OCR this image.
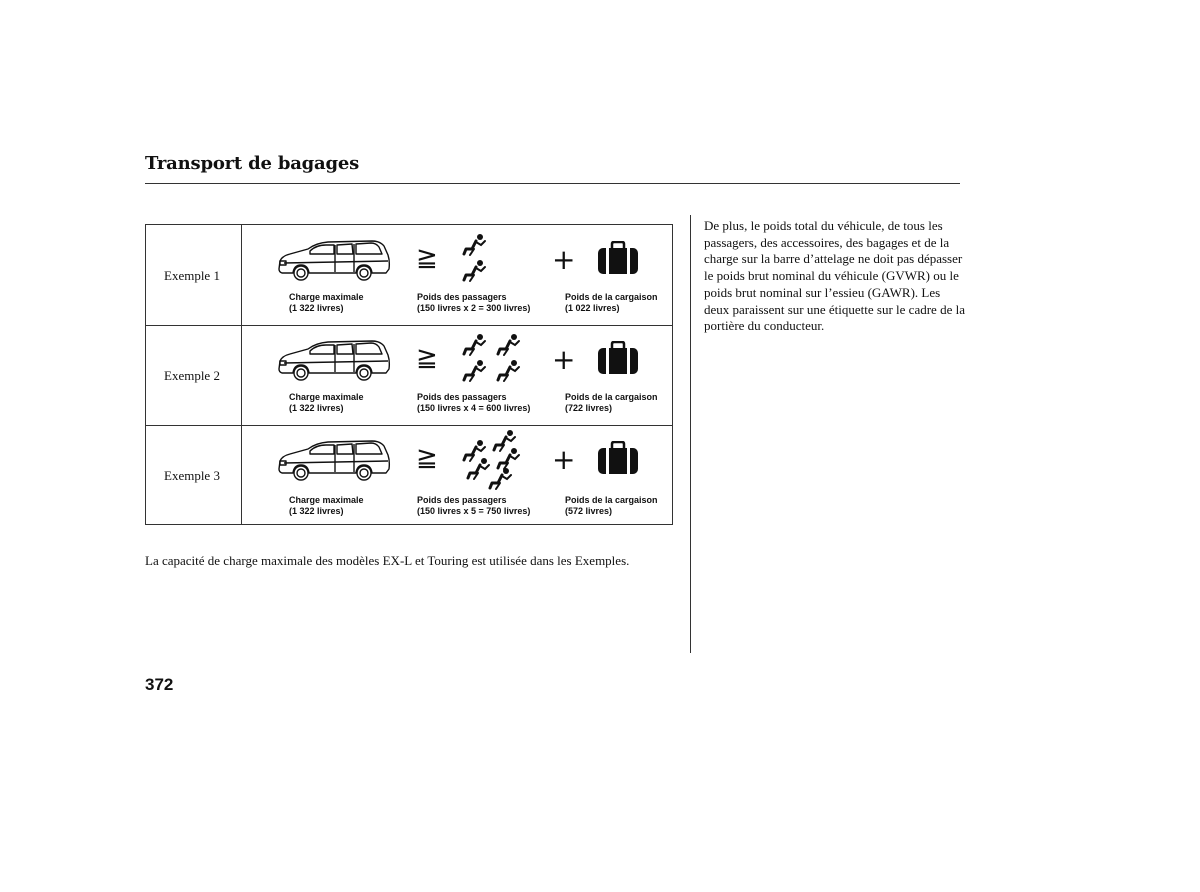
Transport de bagages
Exemple 1
≧	+
Charge maximale
(1 322 livres)
Poids des passagers
(150 livres x 2 = 300 livres)
Poids de la cargaison
(1 022 livres)
Exemple 2
≧	+
Charge maximale
(1 322 livres)
Poids des passagers
(150 livres x 4 = 600 livres)
Poids de la cargaison
(722 livres)
Exemple 3
≧	+
Charge maximale
(1 322 livres)
Poids des passagers
(150 livres x 5 = 750 livres)
Poids de la cargaison
(572 livres)
La capacité de charge maximale des modèles EX-L et Touring est utilisée dans les Exemples.

De plus, le poids total du véhicule, de tous les passagers, des accessoires, des bagages et de la charge sur la barre d’attelage ne doit pas dépasser le poids brut nominal du véhicule (GVWR) ou le poids brut nominal sur l’essieu (GAWR). Les deux paraissent sur une étiquette sur le cadre de la portière du conducteur.

372
